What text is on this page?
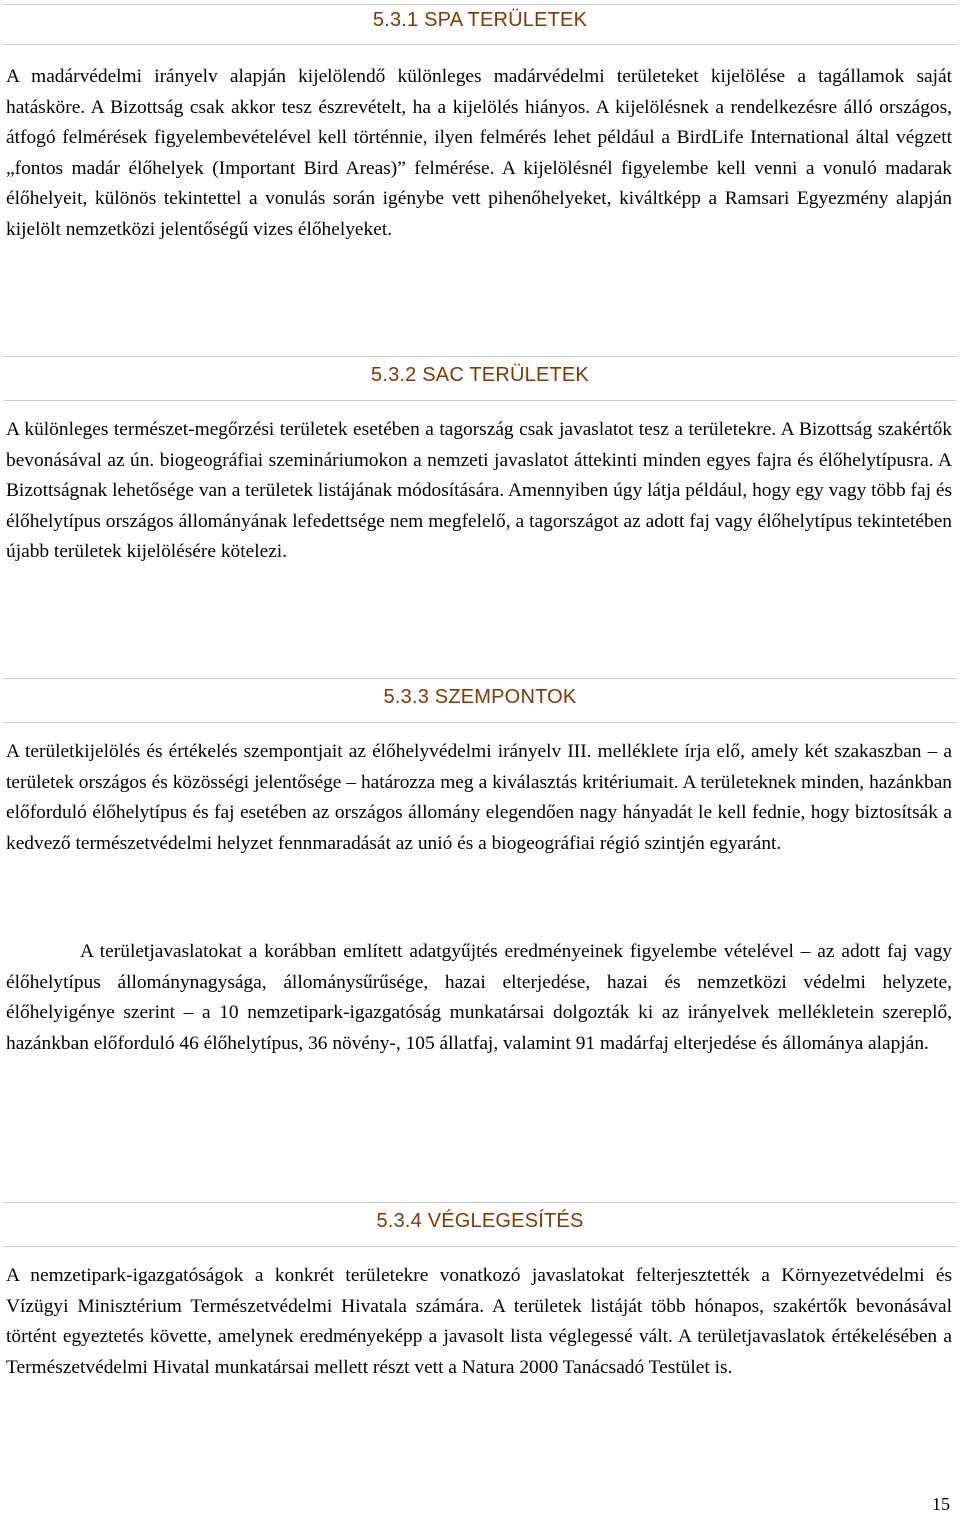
5.3.1 SPA TERÜLETEK

A madárvédelmi irányelv alapján kijelölendő különleges madárvédelmi területeket kijelölése a tagállamok saját hatásköre. A Bizottság csak akkor tesz észrevételt, ha a kijelölés hiányos. A kijelölésnek a rendelkezésre álló országos, átfogó felmérések figyelembevételével kell történnie, ilyen felmérés lehet például a BirdLife International által végzett „fontos madár élőhelyek (Important Bird Areas)” felmérése. A kijelölésnél figyelembe kell venni a vonuló madarak élőhelyeit, különös tekintettel a vonulás során igénybe vett pihenőhelyeket, kiváltképp a Ramsari Egyezmény alapján kijelölt nemzetközi jelentőségű vizes élőhelyeket.

5.3.2 SAC TERÜLETEK

A különleges természet-megőrzési területek esetében a tagország csak javaslatot tesz a területekre. A Bizottság szakértők bevonásával az ún. biogeográfiai szemináriumokon a nemzeti javaslatot áttekinti minden egyes fajra és élőhelytípusra. A Bizottságnak lehetősége van a területek listájának módosítására. Amennyiben úgy látja például, hogy egy vagy több faj és élőhelytípus országos állományának lefedettsége nem megfelelő, a tagországot az adott faj vagy élőhelytípus tekintetében újabb területek kijelölésére kötelezi.

5.3.3 SZEMPONTOK

A területkijelölés és értékelés szempontjait az élőhelyvédelmi irányelv III. melléklete írja elő, amely két szakaszban – a területek országos és közösségi jelentősége – határozza meg a kiválasztás kritériumait. A területeknek minden, hazánkban előforduló élőhelytípus és faj esetében az országos állomány elegendően nagy hányadát le kell fednie, hogy biztosítsák a kedvező természetvédelmi helyzet fennmaradását az unió és a biogeográfiai régió szintjén egyaránt.

A területjavaslatokat a korábban említett adatgyűjtés eredményeinek figyelembe vételével – az adott faj vagy élőhelytípus állománynagysága, állománysűrűsége, hazai elterjedése, hazai és nemzetközi védelmi helyzete, élőhelyigénye szerint – a 10 nemzetipark-igazgatóság munkatársai dolgozták ki az irányelvek mellékletein szereplő, hazánkban előforduló 46 élőhelytípus, 36 növény-, 105 állatfaj, valamint 91 madárfaj elterjedése és állománya alapján.

5.3.4 VÉGLEGESÍTÉS

A nemzetipark-igazgatóságok a konkrét területekre vonatkozó javaslatokat felterjesztették a Környezetvédelmi és Vízügyi Minisztérium Természetvédelmi Hivatala számára. A területek listáját több hónapos, szakértők bevonásával történt egyeztetés követte, amelynek eredményeképp a javasolt lista véglegessé vált. A területjavaslatok értékelésében a Természetvédelmi Hivatal munkatársai mellett részt vett a Natura 2000 Tanácsadó Testület is.

15
